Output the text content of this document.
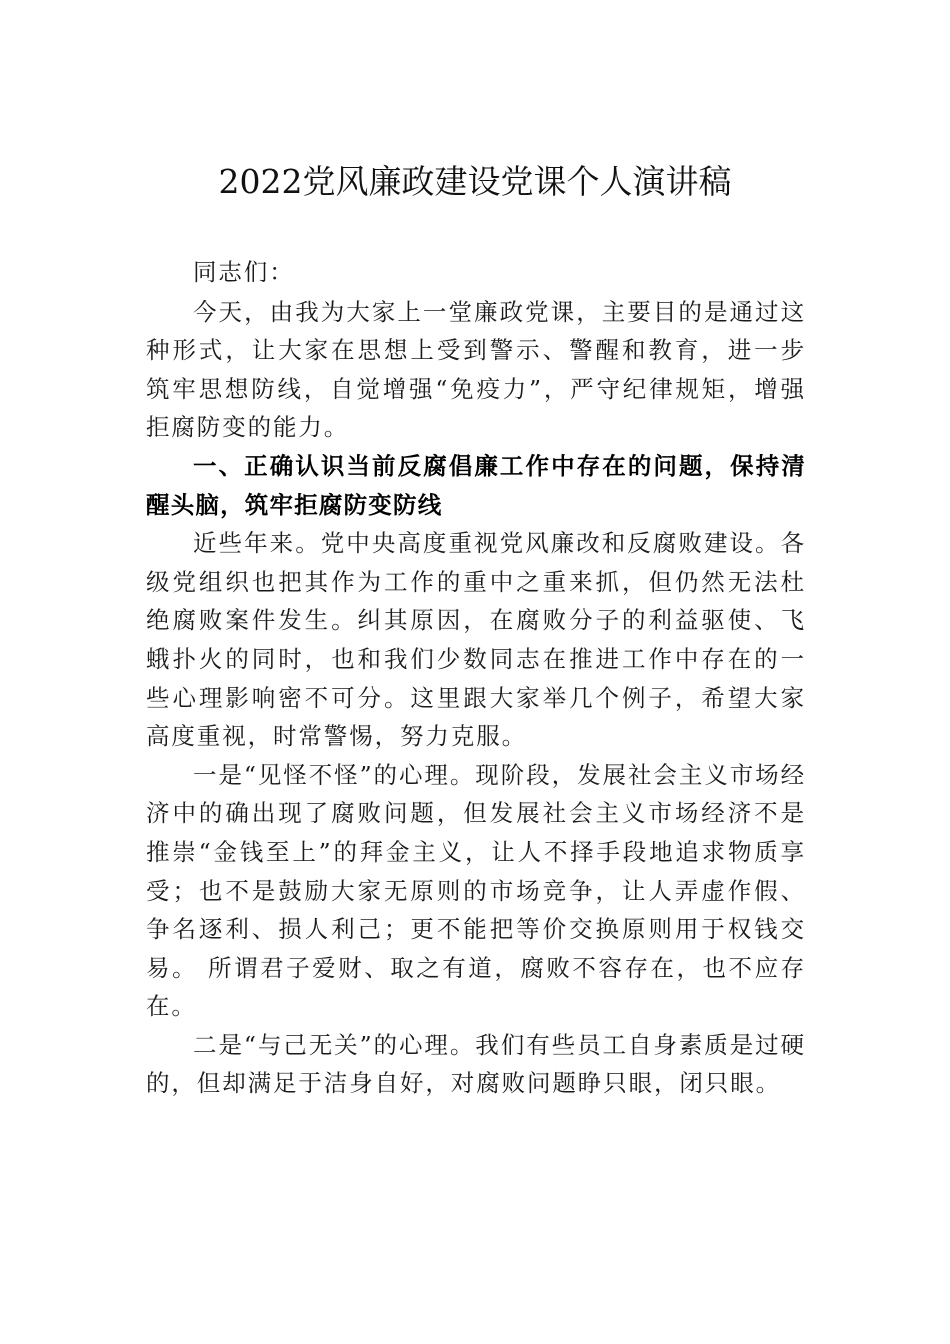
2022党风廉政建设党课个人演讲稿

同志们：

今天，由我为大家上一堂廉政党课，主要目的是通过这种形式，让大家在思想上受到警示、警醒和教育，进一步筑牢思想防线，自觉增强“免疫力”，严守纪律规矩，增强拒腐防变的能力。

一、正确认识当前反腐倡廉工作中存在的问题，保持清醒头脑，筑牢拒腐防变防线

近些年来。党中央高度重视党风廉改和反腐败建设。各级党组织也把其作为工作的重中之重来抓，但仍然无法杜绝腐败案件发生。纠其原因，在腐败分子的利益驱使、飞蛾扑火的同时，也和我们少数同志在推进工作中存在的一些心理影响密不可分。这里跟大家举几个例子，希望大家高度重视，时常警惕，努力克服。

一是“见怪不怪”的心理。现阶段，发展社会主义市场经济中的确出现了腐败问题，但发展社会主义市场经济不是推崇“金钱至上”的拜金主义，让人不择手段地追求物质享受；也不是鼓励大家无原则的市场竞争，让人弄虚作假、争名逐利、损人利己；更不能把等价交换原则用于权钱交易。 所谓君子爱财、取之有道，腐败不容存在，也不应存在。

二是“与己无关”的心理。我们有些员工自身素质是过硬的，但却满足于洁身自好，对腐败问题睁只眼，闭只眼。
